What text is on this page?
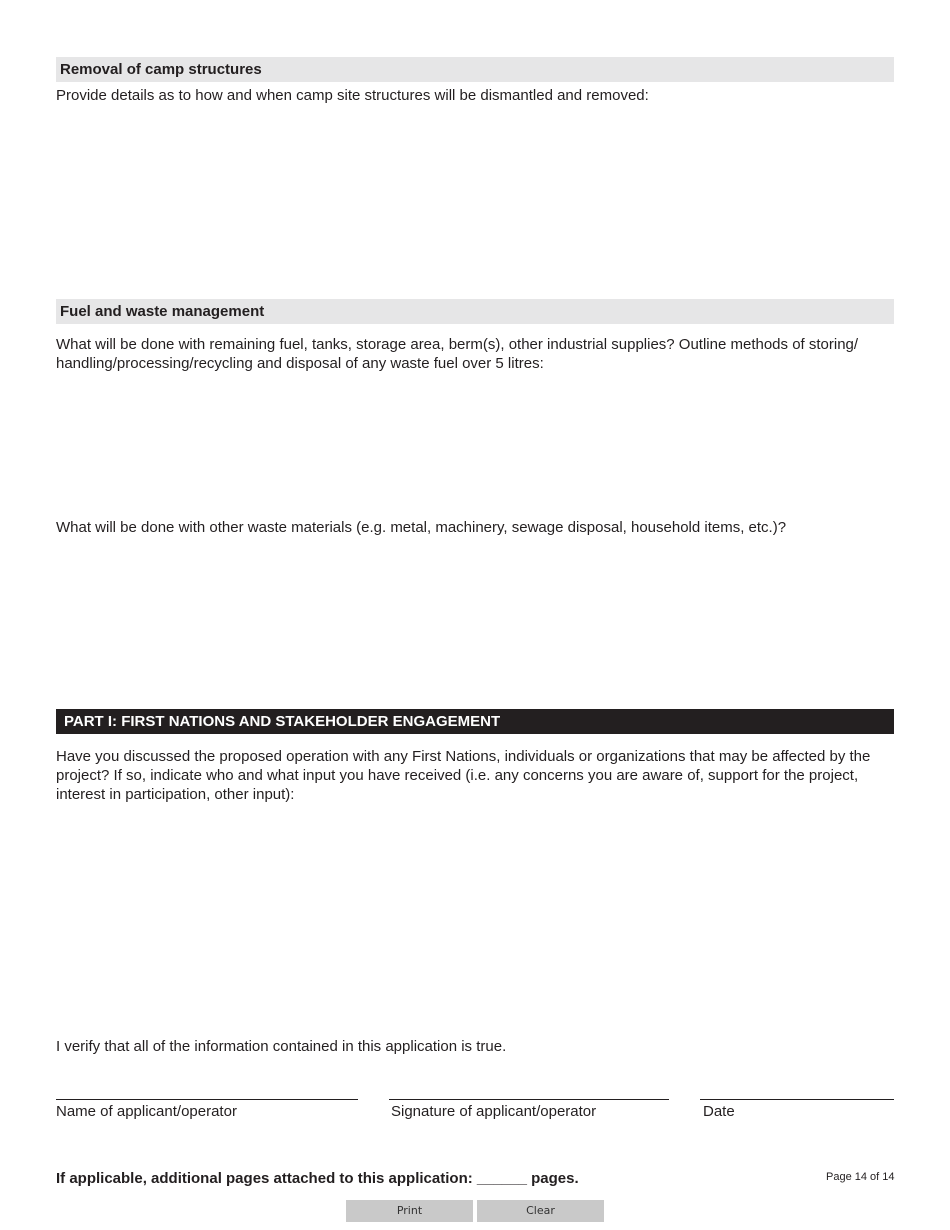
Removal of camp structures
Provide details as to how and when camp site structures will be dismantled and removed:
Fuel and waste management
What will be done with remaining fuel, tanks, storage area, berm(s), other industrial supplies? Outline methods of storing/ handling/processing/recycling and disposal of any waste fuel over 5 litres:
What will be done with other waste materials (e.g. metal, machinery, sewage disposal, household items, etc.)?
PART I: FIRST NATIONS AND STAKEHOLDER ENGAGEMENT
Have you discussed the proposed operation with any First Nations, individuals or organizations that may be affected by the project? If so, indicate who and what input you have received (i.e. any concerns you are aware of, support for the project, interest in participation, other input):
I verify that all of the information contained in this application is true.
Name of applicant/operator	Signature of applicant/operator	Date
If applicable, additional pages attached to this application: ______ pages.	Page 14 of 14
Print	Clear
